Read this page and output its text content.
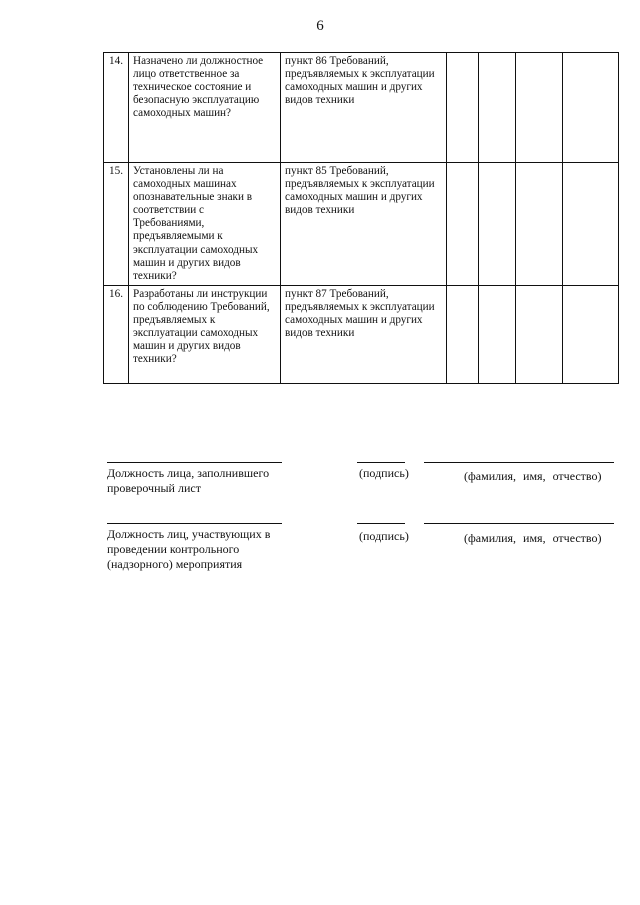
6
14.	Назначено ли должностное лицо ответственное за техническое состояние и безопасную эксплуатацию самоходных машин?	пункт 86 Требований, предъявляемых к эксплуатации самоходных машин и других видов техники				
15.	Установлены ли на самоходных машинах опознавательные знаки в соответствии с Требованиями, предъявляемыми к эксплуатации самоходных машин и других видов техники?	пункт 85 Требований, предъявляемых к эксплуатации самоходных машин и других видов техники				
16.	Разработаны ли инструкции по соблюдению Требований, предъявляемых к эксплуатации самоходных машин и других видов техники?	пункт 87 Требований, предъявляемых к эксплуатации самоходных машин и других видов техники				
Должность лица, заполнившего проверочный лист
(подпись)	(фамилия, имя, отчество)
Должность лиц, участвующих в проведении контрольного (надзорного) мероприятия
(подпись)	(фамилия, имя, отчество)
